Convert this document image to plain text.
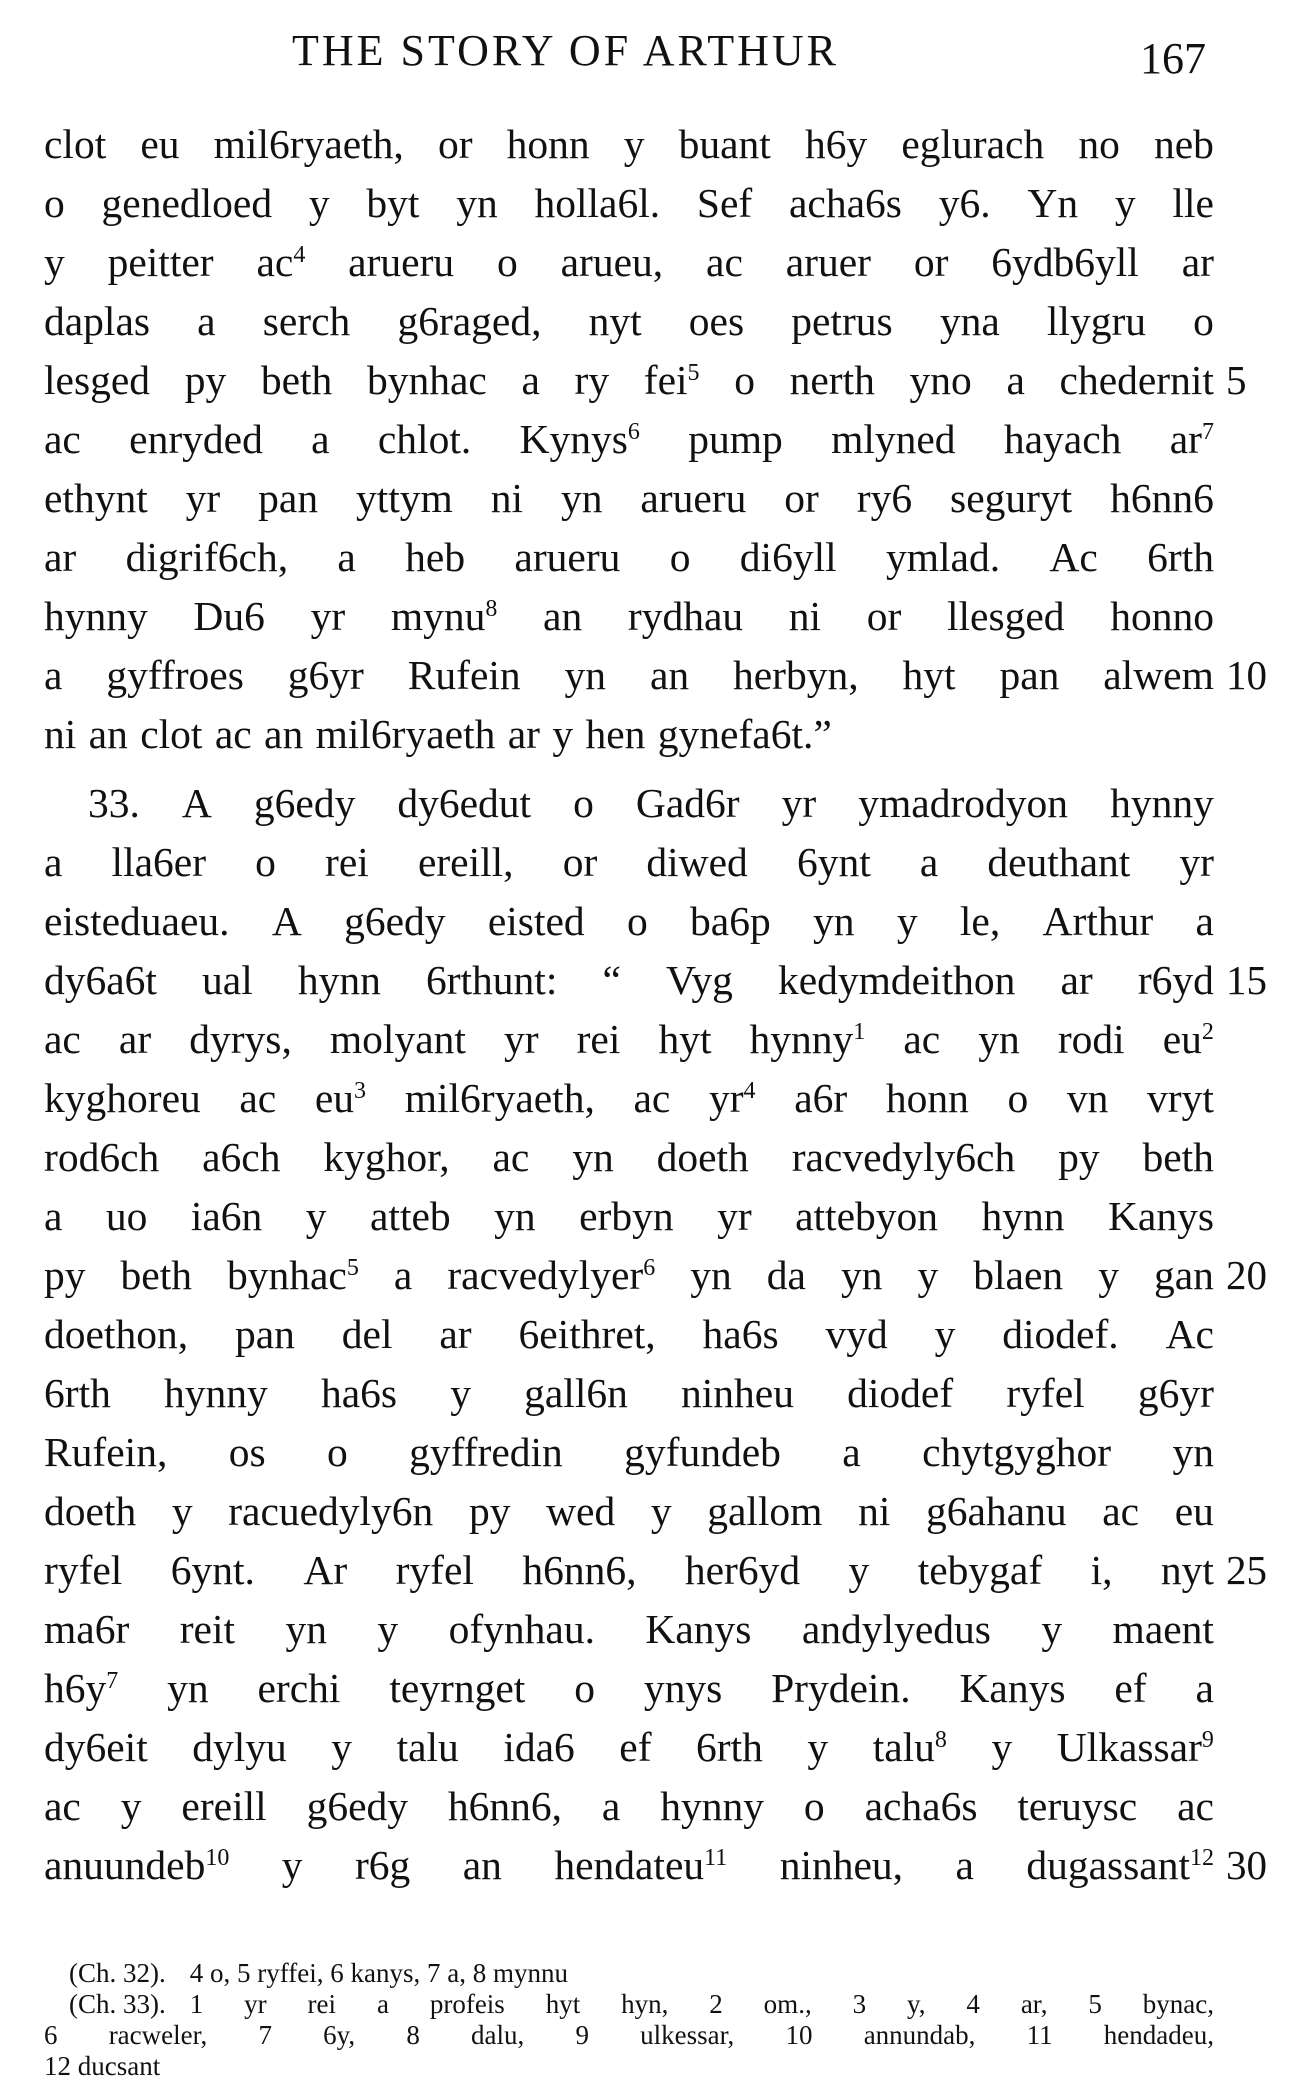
THE STORY OF ARTHUR	167
clot eu mil6ryaeth, or honn y buant h6y eglurach no neb
o genedloed y byt yn holla6l. Sef acha6s y6. Yn y lle
y peitter $ac^4$ arueru o arueu, ac aruer or 6ydb6yll ar
daplas a serch g6raged, nyt oes petrus yna llygru o
lesged py beth bynhac a ry fei$^5$ o nerth yno a chedernit 5
ac enryded a chlot. Kynys$^6$ pump mlyned hayach $ar^7$
ethynt yr pan yttym ni yn arueru or ry6 seguryt h6nn6
ar digrif6ch, a heb arueru o di6yll ymlad. Ac 6rth
hynny Du6 yr mynu$^8$ an rydhau ni or llesged honno
a gyffroes g6yr Rufein yn an herbyn, hyt pan alwem 10
ni
an
clot
ac
an
mil6ryaeth
ar
y
hen
gynefa6t.”
33.
A
g6edy
dy6edut
o
Gad6r
yr
ymadrodyon
hynny
a lla6er o rei ereill, or diwed 6ynt a deuthant yr
eisteduaeu. A g6edy eisted o ba6p yn y le, Arthur a
dy6a6t ual hynn 6rthunt: “ Vyg kedymdeithon ar r6yd 15
ac ar dyrys, molyant yr rei hyt hynny$^1$ ac yn rodi $eu^2$
kyghoreu ac $eu^3$ mil6ryaeth, ac $yr^4$ a6r honn o vn vryt
rod6ch a6ch kyghor, ac yn doeth racvedyly6ch py beth
a uo ia6n y atteb yn erbyn yr attebyon hynn Kanys
py beth bynhac$^5$ a racvedylyer$^6$ yn da yn y blaen y gan 20
doethon, pan del ar 6eithret, ha6s vyd y diodef. Ac
6rth hynny ha6s y gall6n ninheu diodef ryfel g6yr
Rufein, os o gyffredin gyfundeb a chytgyghor yn
doeth y racuedyly6n py wed y gallom ni g6ahanu ac eu
ryfel 6ynt. Ar ryfel h6nn6, her6yd y tebygaf i, nyt 25
ma6r reit yn y ofynhau. Kanys andylyedus y maent
$h6y^7$ yn erchi teyrnget o ynys Prydein. Kanys ef a
dy6eit dylyu y talu ida6 ef 6rth y talu$^8$ y Ulkassar$^9$
ac y ereill g6edy h6nn6, a hynny o acha6s teruysc ac
anuundeb$^{10}$ y r6g an hendateu$^{11}$ ninheu, a dugassant$^{12}$ 30
(Ch. 32). 4 o, 5 ryffei, 6 kanys, 7 a, 8 mynnu
(Ch. 33). 1 yr rei a profeis hyt hyn, 2 om., 3 y, 4 ar, 5 bynac,
6 racweler, 7 6y, 8 dalu, 9 ulkessar, 10 annundab, 11 hendadeu,
12 ducsant
